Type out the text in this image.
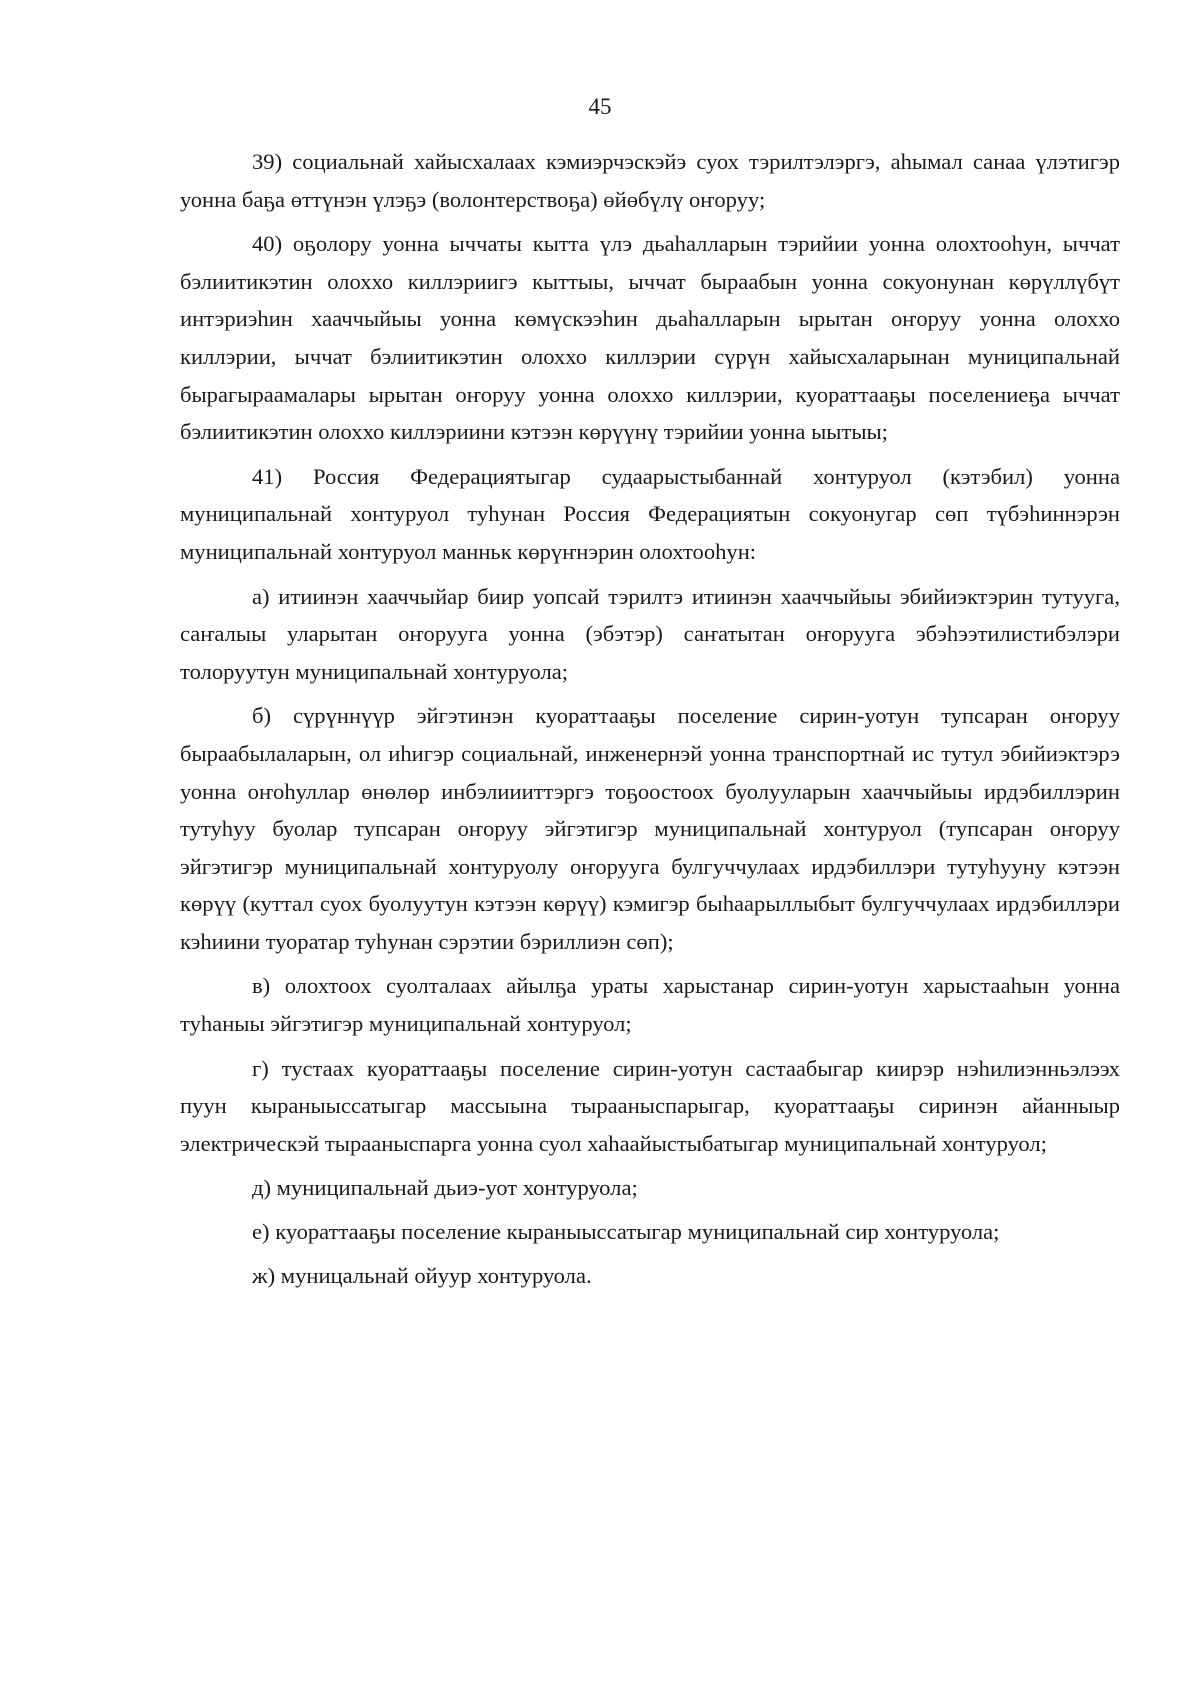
45

39) социальнай хайысхалаах кэмиэрчэскэйэ суох тэрилтэлэргэ, аһымал санаа үлэтигэр уонна баҕа өттүнэн үлэҕэ (волонтерствоҕа) өйөбүлү оҥоруу;

40) оҕолору уонна ыччаты кытта үлэ дьаһалларын тэрийии уонна олохтооһун, ыччат бэлиитикэтин олоххо киллэриигэ кыттыы, ыччат быраабын уонна сокуонунан көрүллүбүт интэриэһин хааччыйыы уонна көмүскээһин дьаһалларын ырытан оҥоруу уонна олоххо киллэрии, ыччат бэлиитикэтин олоххо киллэрии сүрүн хайысхаларынан муниципальнай бырагыраамалары ырытан оҥоруу уонна олоххо киллэрии, куораттааҕы поселениеҕа ыччат бэлиитикэтин олоххо киллэриини кэтээн көрүүнү тэрийии уонна ыытыы;

41) Россия Федерациятыгар судаарыстыбаннай хонтуруол (кэтэбил) уонна муниципальнай хонтуруол туһунан Россия Федерациятын сокуонугар сөп түбэһиннэрэн муниципальнай хонтуруол манньк көрүҥнэрин олохтооһун:

а) итиинэн хааччыйар биир уопсай тэрилтэ итиинэн хааччыйыы эбийиэктэрин тутууга, саҥалыы уларытан оҥорууга уонна (эбэтэр) саҥатытан оҥорууга эбэһээтилистибэлэри толоруутун муниципальнай хонтуруола;

б) сүрүннүүр эйгэтинэн куораттааҕы поселение сирин-уотун тупсаран оҥоруу быраабылаларын, ол иһигэр социальнай, инженернэй уонна транспортнай ис тутул эбийиэктэрэ уонна оҥоһуллар өнөлөр инбэлиииттэргэ тоҕоостоох буолууларын хааччыйыы ирдэбиллэрин тутуһуу буолар тупсаран оҥоруу эйгэтигэр муниципальнай хонтуруол (тупсаран оҥоруу эйгэтигэр муниципальнай хонтуруолу оҥорууга булгуччулаах ирдэбиллэри тутуһууну кэтээн көрүү (куттал суох буолуутун кэтээн көрүү) кэмигэр быһаарыллыбыт булгуччулаах ирдэбиллэри кэһиини туоратар туһунан сэрэтии бэриллиэн сөп);

в) олохтоох суолталаах айылҕа ураты харыстанар сирин-уотун харыстааһын уонна туһаныы эйгэтигэр муниципальнай хонтуруол;

г) тустаах куораттааҕы поселение сирин-уотун састаабыгар киирэр нэһилиэнньэлээх пуун кыраныыссатыгар массыына тырааныспарыгар, куораттааҕы сиринэн айанныыр электрическэй тырааныспарга уонна суол хаһаайыстыбатыгар муниципальнай хонтуруол;

д) муниципальнай дьиэ-уот хонтуруола;

е) куораттааҕы поселение кыраныыссатыгар муниципальнай сир хонтуруола;

ж) муницальнай ойуур хонтуруола.
